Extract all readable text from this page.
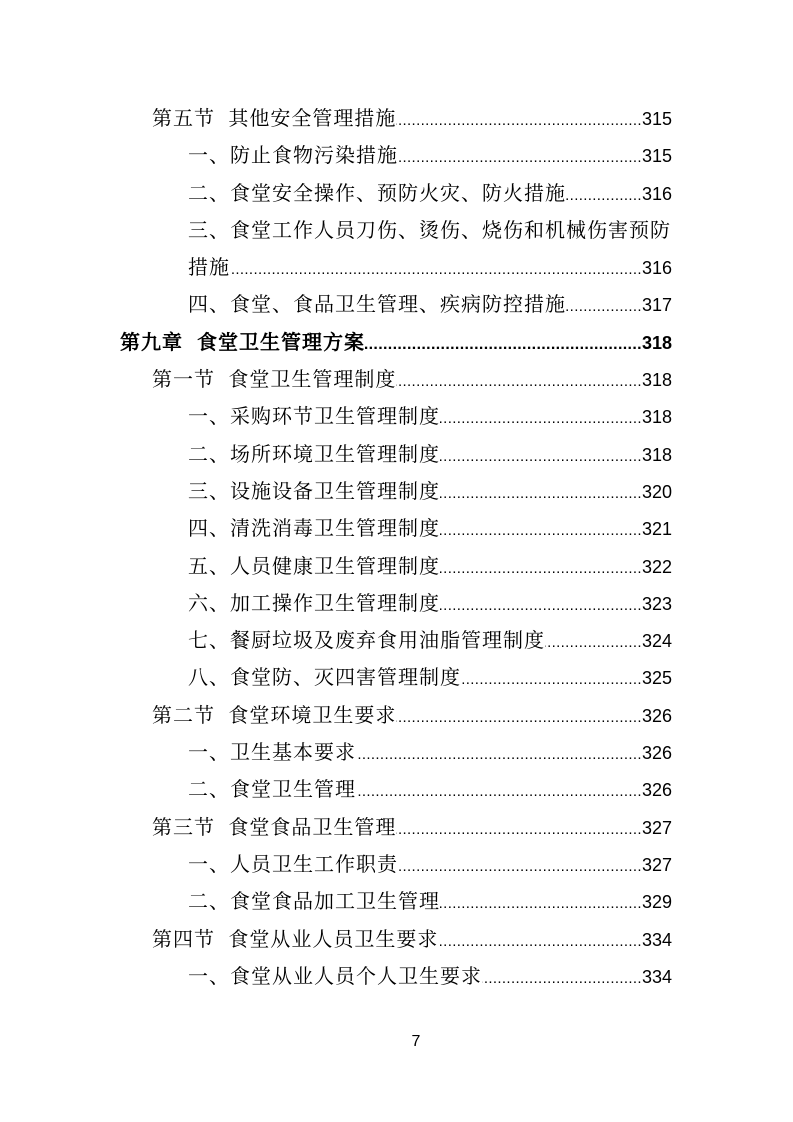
第五节 其他安全管理措施 .....	315
一、防止食物污染措施 .....	315
二、食堂安全操作、预防火灾、防火措施 .....	316
三、食堂工作人员刀伤、烫伤、烧伤和机械伤害预防
措施 .....	316
四、食堂、食品卫生管理、疾病防控措施 .....	317
第九章 食堂卫生管理方案 .....	318
第一节 食堂卫生管理制度 .....	318
一、采购环节卫生管理制度 .....	318
二、场所环境卫生管理制度 .....	318
三、设施设备卫生管理制度 .....	320
四、清洗消毒卫生管理制度 .....	321
五、人员健康卫生管理制度 .....	322
六、加工操作卫生管理制度 .....	323
七、餐厨垃圾及废弃食用油脂管理制度 .....	324
八、食堂防、灭四害管理制度 .....	325
第二节 食堂环境卫生要求 .....	326
一、卫生基本要求 .....	326
二、食堂卫生管理 .....	326
第三节 食堂食品卫生管理 .....	327
一、人员卫生工作职责 .....	327
二、食堂食品加工卫生管理 .....	329
第四节 食堂从业人员卫生要求 .....	334
一、食堂从业人员个人卫生要求 .....	334
7
